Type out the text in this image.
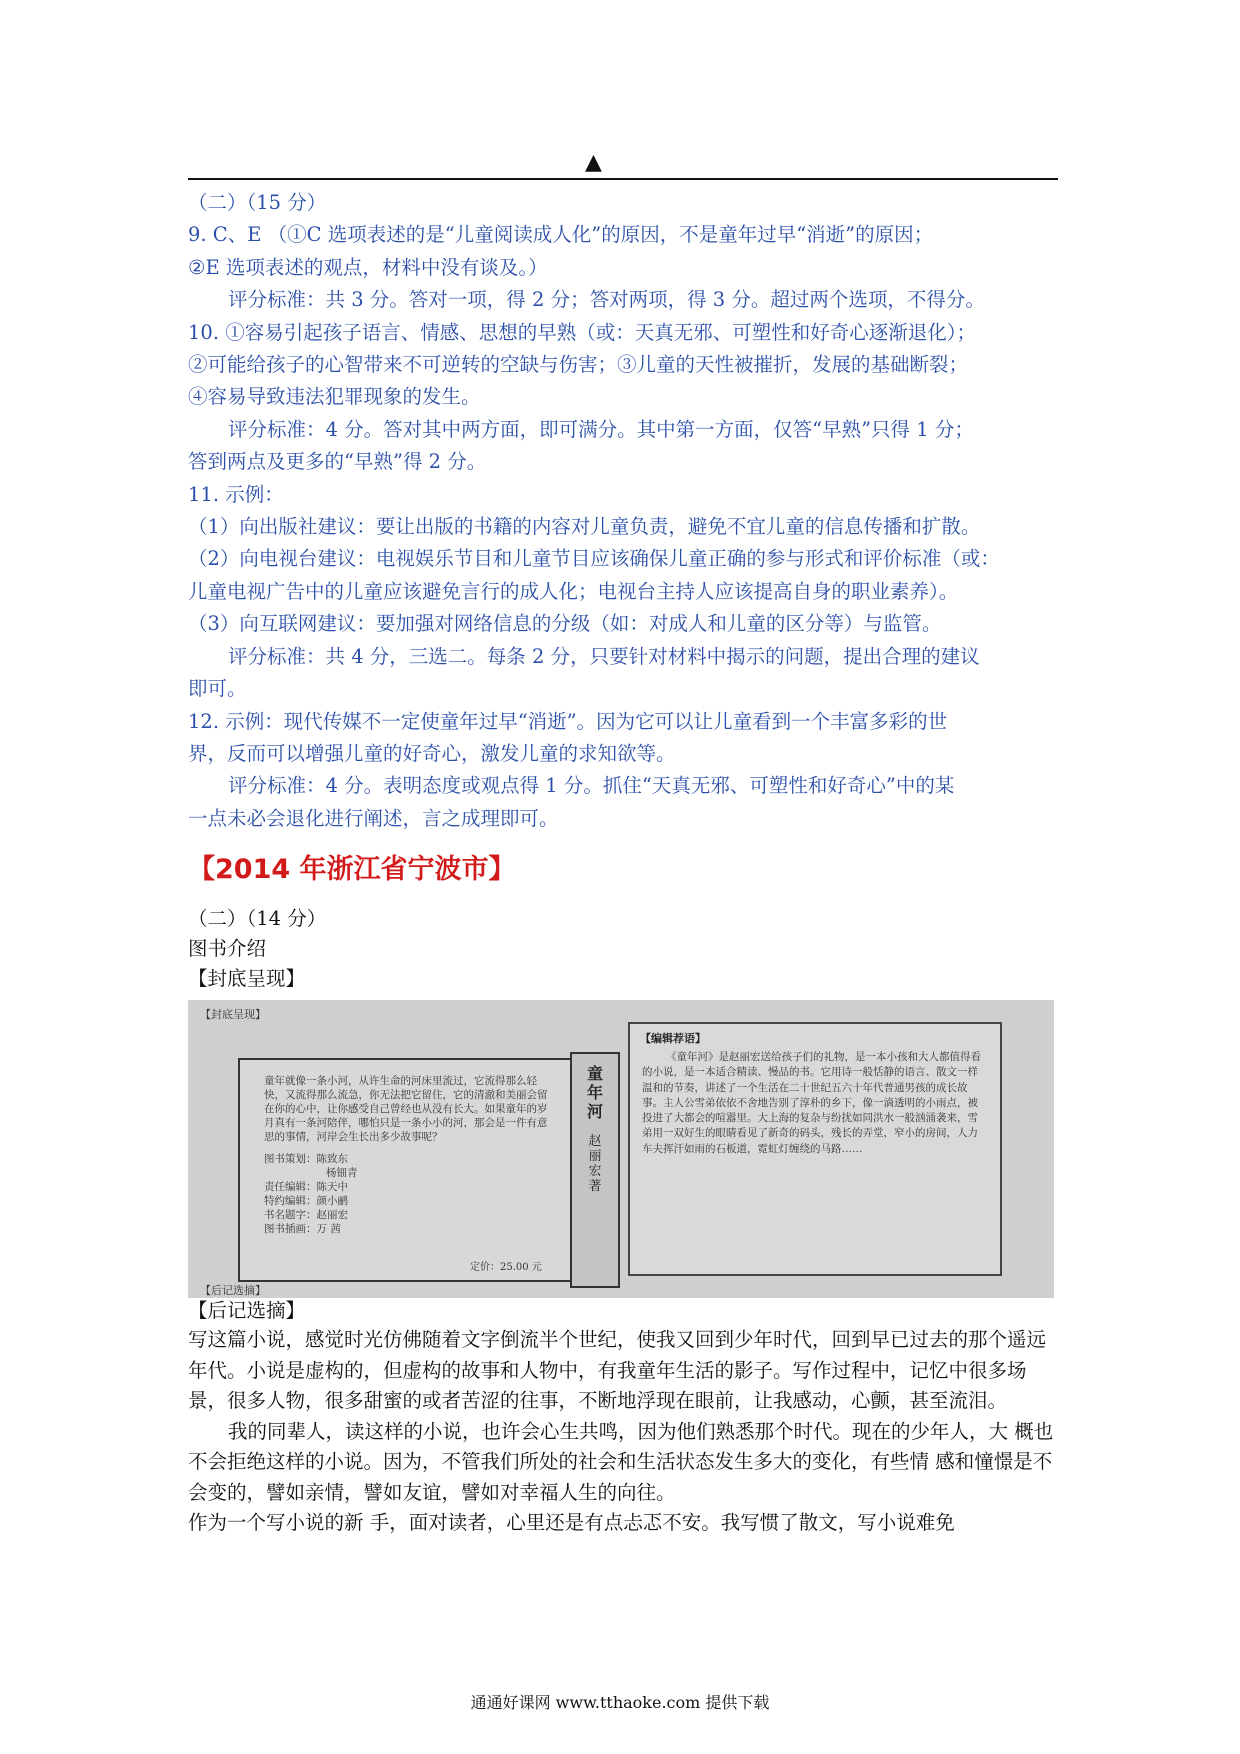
▲

（二）（15 分）

9. C、E （①C 选项表述的是“儿童阅读成人化”的原因，不是童年过早“消逝”的原因；

②E 选项表述的观点，材料中没有谈及。）

评分标准：共 3 分。答对一项，得 2 分；答对两项，得 3 分。超过两个选项，不得分。

10. ①容易引起孩子语言、情感、思想的早熟（或：天真无邪、可塑性和好奇心逐渐退化）；

②可能给孩子的心智带来不可逆转的空缺与伤害；③儿童的天性被摧折，发展的基础断裂；

④容易导致违法犯罪现象的发生。

评分标准：4 分。答对其中两方面，即可满分。其中第一方面，仅答“早熟”只得 1 分；

答到两点及更多的“早熟”得 2 分。

11. 示例：

（1）向出版社建议：要让出版的书籍的内容对儿童负责，避免不宜儿童的信息传播和扩散。

（2）向电视台建议：电视娱乐节目和儿童节目应该确保儿童正确的参与形式和评价标准（或：

儿童电视广告中的儿童应该避免言行的成人化；电视台主持人应该提高自身的职业素养）。

（3）向互联网建议：要加强对网络信息的分级（如：对成人和儿童的区分等）与监管。

评分标准：共 4 分，三选二。每条 2 分，只要针对材料中揭示的问题，提出合理的建议

即可。

12. 示例：现代传媒不一定使童年过早“消逝”。因为它可以让儿童看到一个丰富多彩的世

界，反而可以增强儿童的好奇心，激发儿童的求知欲等。

评分标准：4 分。表明态度或观点得 1 分。抓住“天真无邪、可塑性和好奇心”中的某

一点未必会退化进行阐述，言之成理即可。

【2014 年浙江省宁波市】
（二）（14 分）
图书介绍
【封底呈现】
【封底呈现】
【后记选摘】
童年就像一条小河，从许生命的河床里流过，它流得那么轻快，又流得那么流急，你无法把它留住，它的清澈和美丽会留在你的心中，让你感受自己曾经也从没有长大。如果童年的岁月真有一条河陪伴，哪怕只是一条小小的河，那会是一件有意思的事情，河岸会生长出多少故事呢？
图书策划：陈致东
杨钿青
责任编辑：陈天中
特约编辑：颜小鹂
书名题字：赵丽宏
图书插画：万 茜
定价：25.00 元
童年河
赵丽宏著
【编辑荐语】
《童年河》是赵丽宏送给孩子们的礼物，是一本小孩和大人都值得看的小说，是一本适合精读、慢品的书。它用诗一般恬静的语言、散文一样温和的节奏，讲述了一个生活在二十世纪五六十年代普通男孩的成长故事。主人公雪弟依依不舍地告别了淳朴的乡下，像一滴透明的小雨点，被投进了大都会的喧嚣里。大上海的复杂与纷扰如同洪水一般汹涌袭来，雪弟用一双好生的眼睛看见了新奇的码头，残长的弄堂，窄小的房间，人力车夫挥汗如雨的石板道，霓虹灯缠绕的马路……
【后记选摘】

写这篇小说，感觉时光仿佛随着文字倒流半个世纪，使我又回到少年时代，回到早已过去的那个遥远年代。小说是虚构的，但虚构的故事和人物中，有我童年生活的影子。写作过程中，记忆中很多场景，很多人物，很多甜蜜的或者苦涩的往事，不断地浮现在眼前，让我感动，心颤，甚至流泪。

我的同辈人，读这样的小说，也许会心生共鸣，因为他们熟悉那个时代。现在的少年人，大 概也不会拒绝这样的小说。因为，不管我们所处的社会和生活状态发生多大的变化，有些情 感和憧憬是不会变的，譬如亲情，譬如友谊，譬如对幸福人生的向往。

作为一个写小说的新 手，面对读者，心里还是有点忐忑不安。我写惯了散文，写小说难免

通通好课网 www.tthaoke.com 提供下载
